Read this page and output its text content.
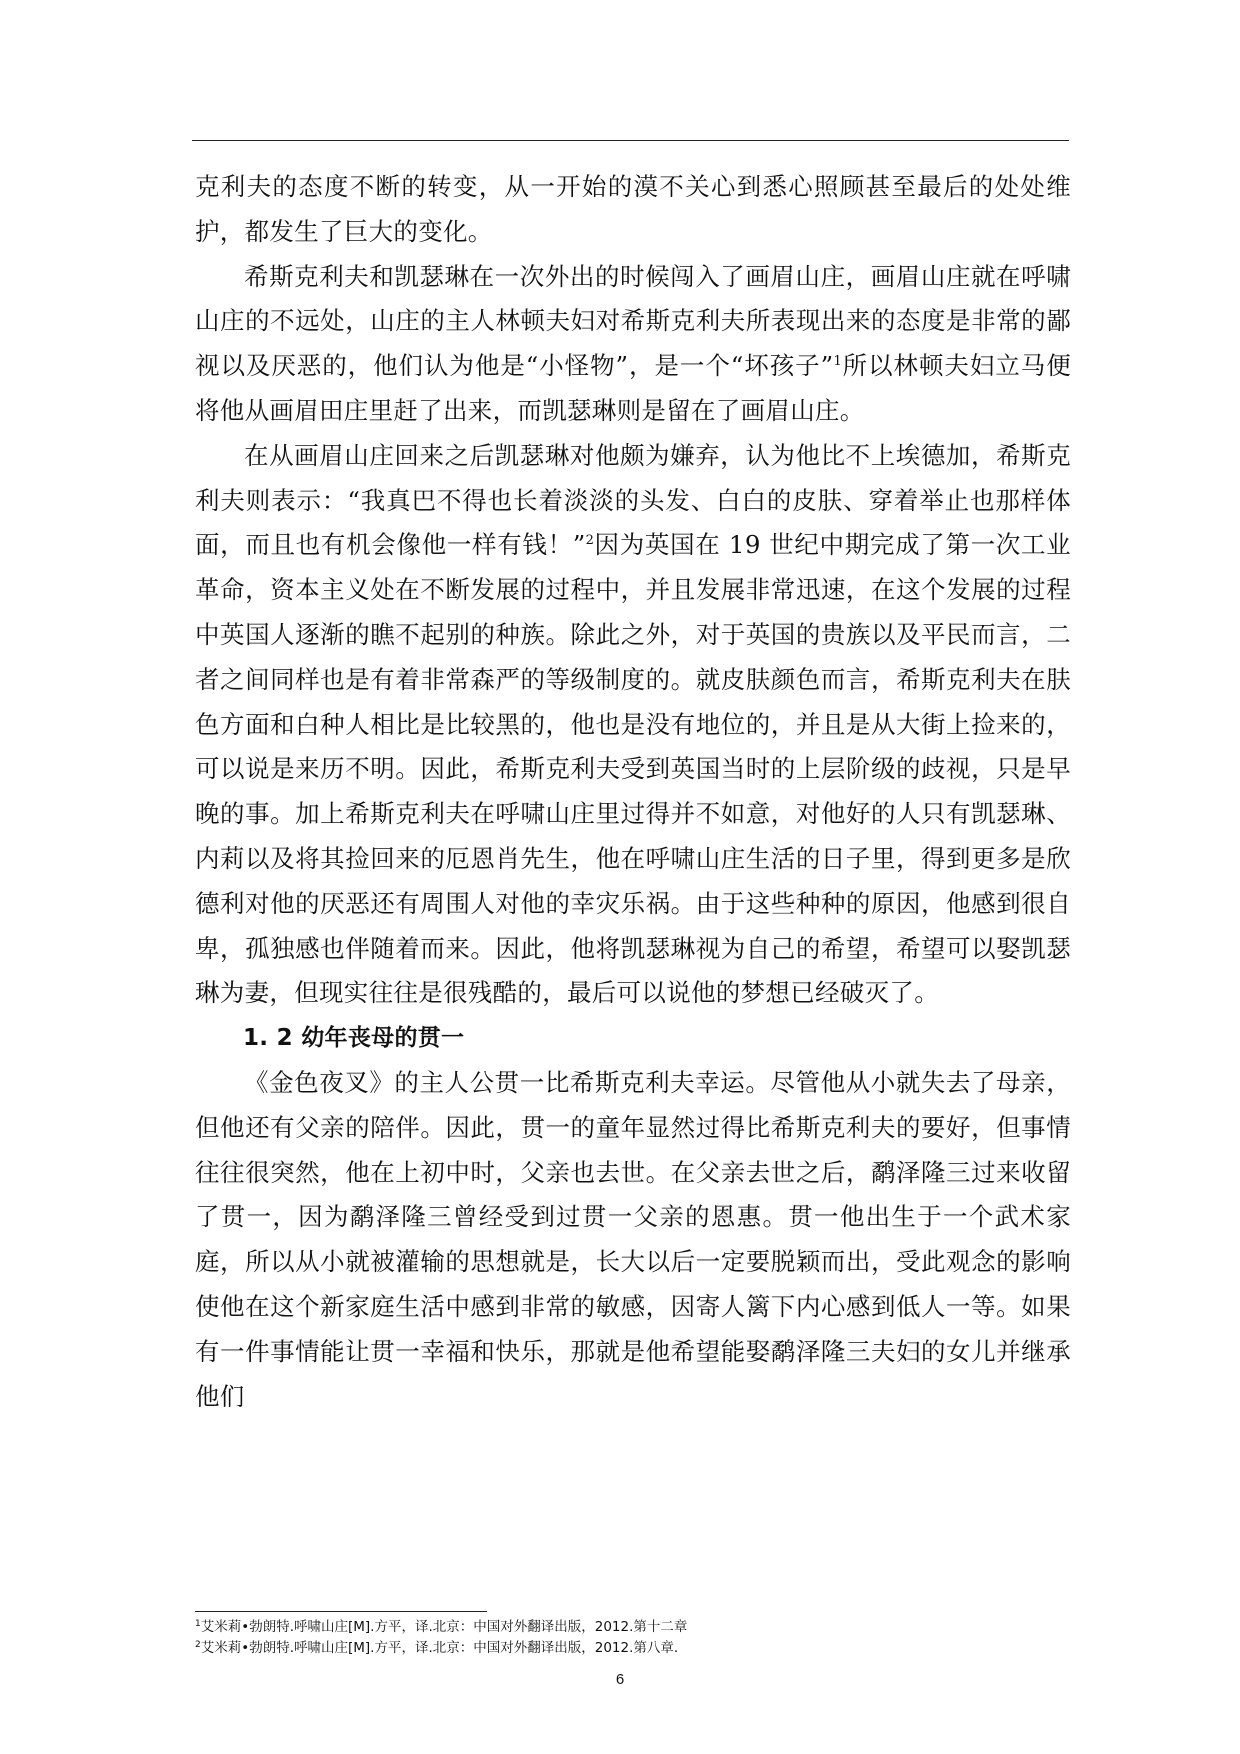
克利夫的态度不断的转变，从一开始的漠不关心到悉心照顾甚至最后的处处维护，都发生了巨大的变化。

希斯克利夫和凯瑟琳在一次外出的时候闯入了画眉山庄，画眉山庄就在呼啸山庄的不远处，山庄的主人林顿夫妇对希斯克利夫所表现出来的态度是非常的鄙视以及厌恶的，他们认为他是“小怪物”，是一个“坏孩子”$^1$所以林顿夫妇立马便将他从画眉田庄里赶了出来，而凯瑟琳则是留在了画眉山庄。

在从画眉山庄回来之后凯瑟琳对他颇为嫌弃，认为他比不上埃德加，希斯克利夫则表示：“我真巴不得也长着淡淡的头发、白白的皮肤、穿着举止也那样体面，而且也有机会像他一样有钱！”$^2$因为英国在 19 世纪中期完成了第一次工业革命，资本主义处在不断发展的过程中，并且发展非常迅速，在这个发展的过程中英国人逐渐的瞧不起别的种族。除此之外，对于英国的贵族以及平民而言，二者之间同样也是有着非常森严的等级制度的。就皮肤颜色而言，希斯克利夫在肤色方面和白种人相比是比较黑的，他也是没有地位的，并且是从大街上捡来的，可以说是来历不明。因此，希斯克利夫受到英国当时的上层阶级的歧视，只是早晚的事。加上希斯克利夫在呼啸山庄里过得并不如意，对他好的人只有凯瑟琳、内莉以及将其捡回来的厄恩肖先生，他在呼啸山庄生活的日子里，得到更多是欣德利对他的厌恶还有周围人对他的幸灾乐祸。由于这些种种的原因，他感到很自卑，孤独感也伴随着而来。因此，他将凯瑟琳视为自己的希望，希望可以娶凯瑟琳为妻，但现实往往是很残酷的，最后可以说他的梦想已经破灭了。

1. 2 幼年丧母的贯一

《金色夜叉》的主人公贯一比希斯克利夫幸运。尽管他从小就失去了母亲，但他还有父亲的陪伴。因此，贯一的童年显然过得比希斯克利夫的要好，但事情往往很突然，他在上初中时，父亲也去世。在父亲去世之后，鹬泽隆三过来收留了贯一，因为鹬泽隆三曾经受到过贯一父亲的恩惠。贯一他出生于一个武术家庭，所以从小就被灌输的思想就是，长大以后一定要脱颖而出，受此观念的影响使他在这个新家庭生活中感到非常的敏感，因寄人篱下内心感到低人一等。如果有一件事情能让贯一幸福和快乐，那就是他希望能娶鹬泽隆三夫妇的女儿并继承他们

$^1$艾米莉•勃朗特.呼啸山庄[M].方平，译.北京：中国对外翻译出版，2012.第十二章
$^2$艾米莉•勃朗特.呼啸山庄[M].方平，译.北京：中国对外翻译出版，2012.第八章.
6
